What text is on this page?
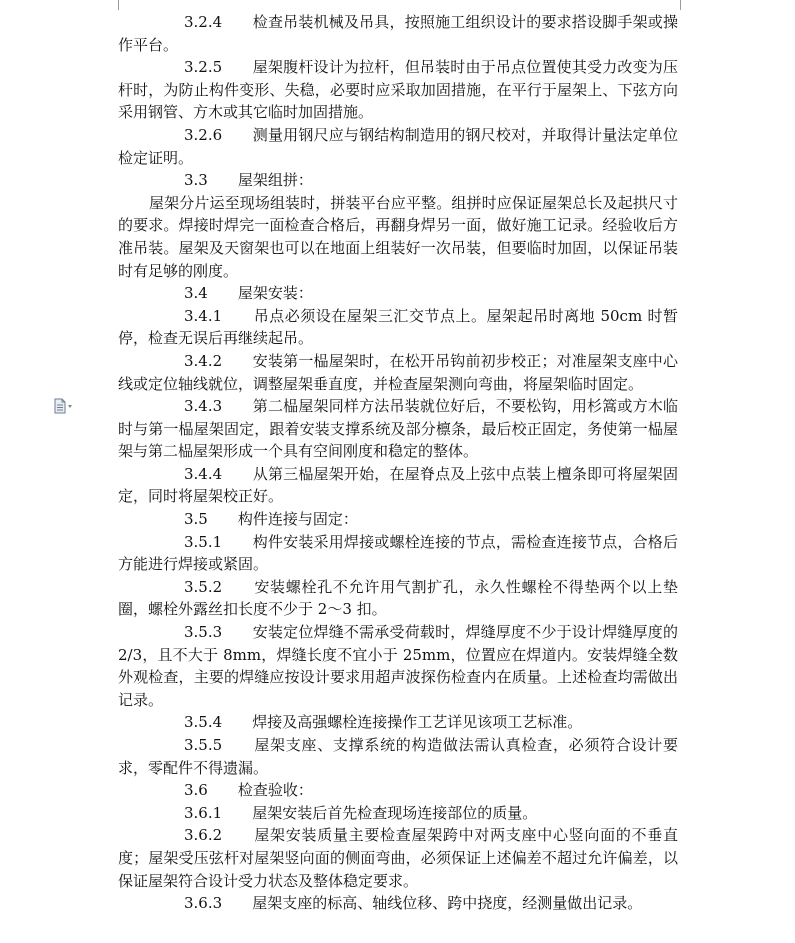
3.2.4　　 检查吊装机械及吊具，按照施工组织设计的要求搭设脚手架或操作平台。

3.2.5　　 屋架腹杆设计为拉杆，但吊装时由于吊点位置使其受力改变为压杆时，为防止构件变形、失稳，必要时应采取加固措施，在平行于屋架上、下弦方向采用钢管、方木或其它临时加固措施。

3.2.6　　 测量用钢尺应与钢结构制造用的钢尺校对，并取得计量法定单位检定证明。

3.3　　 屋架组拼：

屋架分片运至现场组装时，拼装平台应平整。组拼时应保证屋架总长及起拱尺寸的要求。焊接时焊完一面检查合格后，再翻身焊另一面，做好施工记录。经验收后方准吊装。屋架及天窗架也可以在地面上组装好一次吊装，但要临时加固，以保证吊装时有足够的刚度。

3.4　　 屋架安装：

3.4.1　　 吊点必须设在屋架三汇交节点上。屋架起吊时离地 50cm 时暂停，检查无误后再继续起吊。

3.4.2　　 安装第一榀屋架时，在松开吊钩前初步校正；对准屋架支座中心线或定位轴线就位，调整屋架垂直度，并检查屋架测向弯曲，将屋架临时固定。

3.4.3　　 第二榀屋架同样方法吊装就位好后，不要松钩，用杉篙或方木临时与第一榀屋架固定，跟着安装支撑系统及部分檩条，最后校正固定，务使第一榀屋架与第二榀屋架形成一个具有空间刚度和稳定的整体。

3.4.4　　 从第三榀屋架开始，在屋脊点及上弦中点装上檀条即可将屋架固定，同时将屋架校正好。

3.5　　 构件连接与固定：

3.5.1　　 构件安装采用焊接或螺栓连接的节点，需检查连接节点，合格后方能进行焊接或紧固。

3.5.2　　 安装螺栓孔不允许用气割扩孔，永久性螺栓不得垫两个以上垫圈，螺栓外露丝扣长度不少于 2～3 扣。

3.5.3　　 安装定位焊缝不需承受荷载时，焊缝厚度不少于设计焊缝厚度的 2/3，且不大于 8mm，焊缝长度不宜小于 25mm，位置应在焊道内。安装焊缝全数外观检查，主要的焊缝应按设计要求用超声波探伤检查内在质量。上述检查均需做出记录。

3.5.4　　 焊接及高强螺栓连接操作工艺详见该项工艺标准。

3.5.5　　 屋架支座、支撑系统的构造做法需认真检查，必须符合设计要求，零配件不得遗漏。

3.6　　 检查验收：

3.6.1　　 屋架安装后首先检查现场连接部位的质量。

3.6.2　　 屋架安装质量主要检查屋架跨中对两支座中心竖向面的不垂直度；屋架受压弦杆对屋架竖向面的侧面弯曲，必须保证上述偏差不超过允许偏差，以保证屋架符合设计受力状态及整体稳定要求。

3.6.3　　 屋架支座的标高、轴线位移、跨中挠度，经测量做出记录。
